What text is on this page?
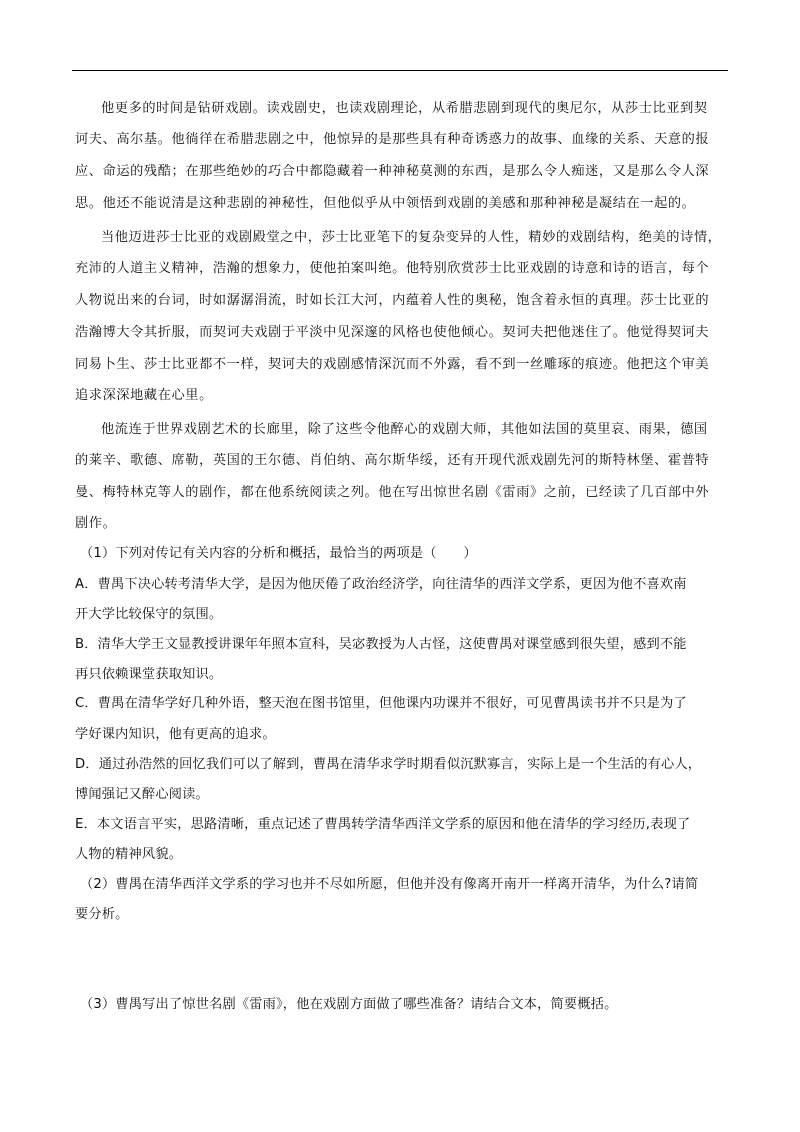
他更多的时间是钻研戏剧。读戏剧史，也读戏剧理论，从希腊悲剧到现代的奥尼尔，从莎士比亚到契
诃夫、高尔基。他徜徉在希腊悲剧之中，他惊异的是那些具有种奇诱惑力的故事、血缘的关系、天意的报
应、命运的残酷；在那些绝妙的巧合中都隐藏着一种神秘莫测的东西，是那么令人痴迷，又是那么令人深
思。他还不能说清是这种悲剧的神秘性，但他似乎从中领悟到戏剧的美感和那种神秘是凝结在一起的。
当他迈进莎士比亚的戏剧殿堂之中，莎士比亚笔下的复杂变异的人性，精妙的戏剧结构，绝美的诗情，
充沛的人道主义精神，浩瀚的想象力，使他拍案叫绝。他特别欣赏莎士比亚戏剧的诗意和诗的语言，每个
人物说出来的台词，时如潺潺涓流，时如长江大河，内蕴着人性的奥秘，饱含着永恒的真理。莎士比亚的
浩瀚博大令其折服，而契诃夫戏剧于平淡中见深邃的风格也使他倾心。契诃夫把他迷住了。他觉得契诃夫
同易卜生、莎士比亚都不一样，契诃夫的戏剧感情深沉而不外露，看不到一丝雕琢的痕迹。他把这个审美
追求深深地藏在心里。
他流连于世界戏剧艺术的长廊里，除了这些令他醉心的戏剧大师，其他如法国的莫里哀、雨果，德国
的莱辛、歌德、席勒，英国的王尔德、肖伯纳、高尔斯华绥，还有开现代派戏剧先河的斯特林堡、霍普特
曼、梅特林克等人的剧作，都在他系统阅读之列。他在写出惊世名剧《雷雨》之前，已经读了几百部中外
剧作。
（1）下列对传记有关内容的分析和概括，最恰当的两项是（　　）
A．曹禺下决心转考清华大学，是因为他厌倦了政治经济学，向往清华的西洋文学系，更因为他不喜欢南
开大学比较保守的氛围。
B．清华大学王文显教授讲课年年照本宣科，吴宓教授为人古怪，这使曹禺对课堂感到很失望，感到不能
再只依赖课堂获取知识。
C．曹禺在清华学好几种外语，整天泡在图书馆里，但他课内功课并不很好，可见曹禺读书并不只是为了
学好课内知识，他有更高的追求。
D．通过孙浩然的回忆我们可以了解到，曹禺在清华求学时期看似沉默寡言，实际上是一个生活的有心人，
博闻强记又醉心阅读。
E．本文语言平实，思路清晰，重点记述了曹禺转学清华西洋文学系的原因和他在清华的学习经历,表现了
人物的精神风貌。
（2）曹禺在清华西洋文学系的学习也并不尽如所愿，但他并没有像离开南开一样离开清华，为什么?请简
要分析。
（3）曹禺写出了惊世名剧《雷雨》，他在戏剧方面做了哪些准备？请结合文本，简要概括。
